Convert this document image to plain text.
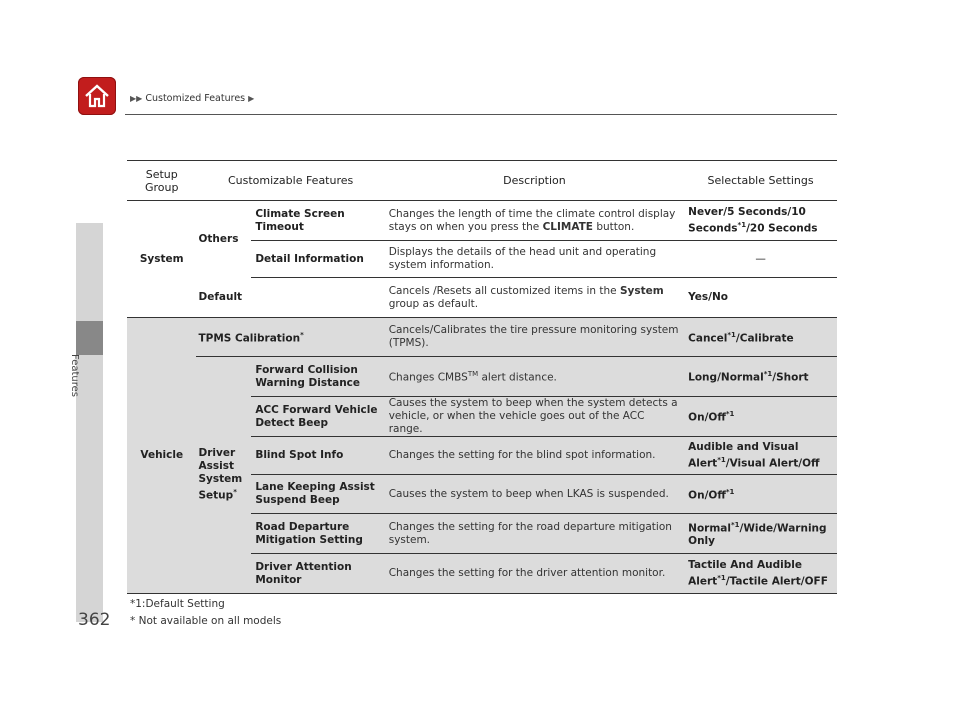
▶▶ Customized Features ▶
Features
362
Setup Group	Customizable Features		Description	Selectable Settings
System	Others	Climate Screen Timeout	Changes the length of time the climate control display stays on when you press the CLIMATE button.	Never/5 Seconds/10 Seconds$^{*1}$/20 Seconds
		Detail Information	Displays the details of the head unit and operating system information.	—
	Default		Cancels /Resets all customized items in the System group as default.	Yes/No
Vehicle	TPMS Calibration*		Cancels/Calibrates the tire pressure monitoring system (TPMS).	Cancel$^{*1}$/Calibrate
	Driver Assist System Setup*	Forward Collision Warning Distance	Changes CMBS™ alert distance.	Long/Normal$^{*1}$/Short
		ACC Forward Vehicle Detect Beep	Causes the system to beep when the system detects a vehicle, or when the vehicle goes out of the ACC range.	On/Off$^{*1}$
		Blind Spot Info	Changes the setting for the blind spot information.	Audible and Visual Alert$^{*1}$/Visual Alert/Off
		Lane Keeping Assist Suspend Beep	Causes the system to beep when LKAS is suspended.	On/Off$^{*1}$
		Road Departure Mitigation Setting	Changes the setting for the road departure mitigation system.	Normal$^{*1}$/Wide/Warning Only
		Driver Attention Monitor	Changes the setting for the driver attention monitor.	Tactile And Audible Alert$^{*1}$/Tactile Alert/OFF
*1:Default Setting
* Not available on all models
